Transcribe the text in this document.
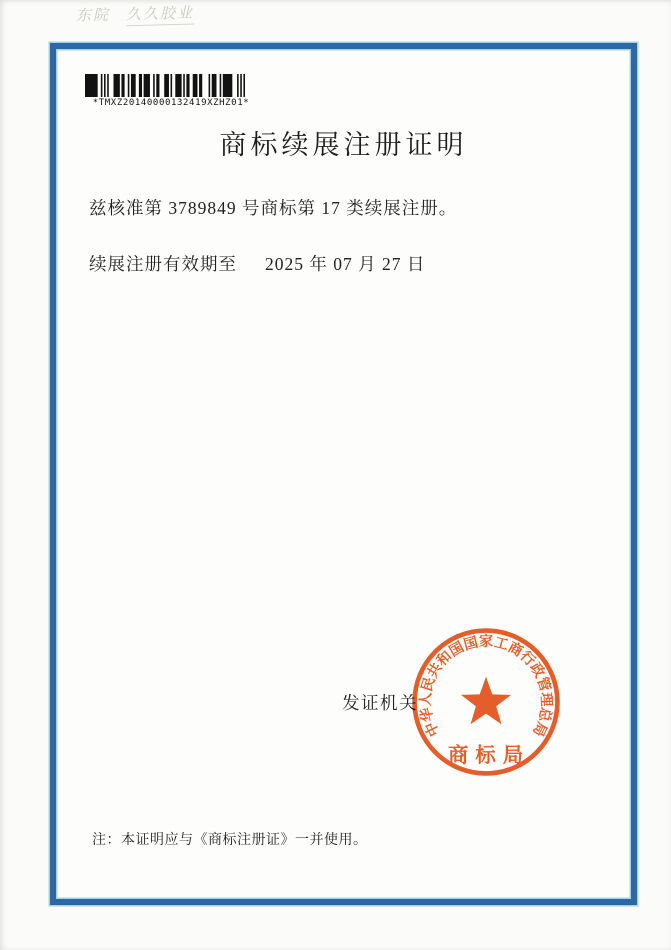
东院 久久胶业
*TMXZ20140000132419XZHZ01*
商标续展注册证明

兹核准第 3789849 号商标第 17 类续展注册。

续展注册有效期至 2025 年 07 月 27 日

发证机关
中华人民共和国国家工商行政管理总局
商标局

注：本证明应与《商标注册证》一并使用。
